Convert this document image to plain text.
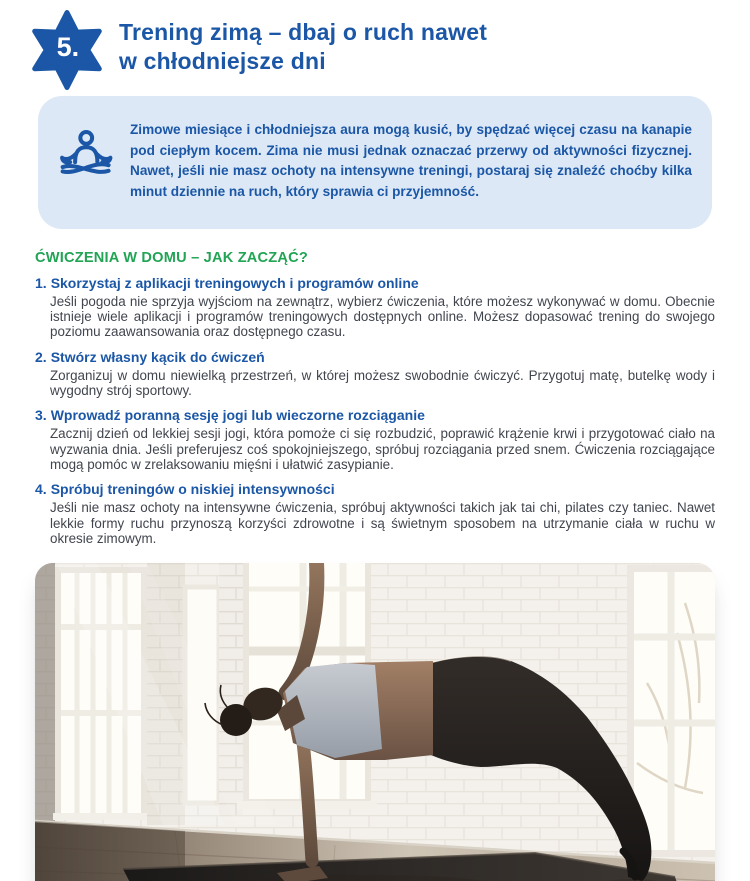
5. Trening zimą – dbaj o ruch nawet
w chłodniejsze dni

Zimowe miesiące i chłodniejsza aura mogą kusić, by spędzać więcej czasu na kanapie pod ciepłym kocem. Zima nie musi jednak oznaczać przerwy od aktywności fizycznej. Nawet, jeśli nie masz ochoty na intensywne treningi, postaraj się znaleźć choćby kilka minut dziennie na ruch, który sprawia ci przyjemność.

ĆWICZENIA W DOMU – JAK ZACZĄĆ?
1. Skorzystaj z aplikacji treningowych i programów online

Jeśli pogoda nie sprzyja wyjściom na zewnątrz, wybierz ćwiczenia, które możesz wykonywać w domu. Obecnie istnieje wiele aplikacji i programów treningowych dostępnych online. Możesz dopasować trening do swojego poziomu zaawansowania oraz dostępnego czasu.

2. Stwórz własny kącik do ćwiczeń

Zorganizuj w domu niewielką przestrzeń, w której możesz swobodnie ćwiczyć. Przygotuj matę, butelkę wody i wygodny strój sportowy.

3. Wprowadź poranną sesję jogi lub wieczorne rozciąganie

Zacznij dzień od lekkiej sesji jogi, która pomoże ci się rozbudzić, poprawić krążenie krwi i przygotować ciało na wyzwania dnia. Jeśli preferujesz coś spokojniejszego, spróbuj rozciągania przed snem. Ćwiczenia rozciągające mogą pomóc w zrelaksowaniu mięśni i ułatwić zasypianie.

4. Spróbuj treningów o niskiej intensywności

Jeśli nie masz ochoty na intensywne ćwiczenia, spróbuj aktywności takich jak tai chi, pilates czy taniec. Nawet lekkie formy ruchu przynoszą korzyści zdrowotne i są świetnym sposobem na utrzymanie ciała w ruchu w okresie zimowym.
